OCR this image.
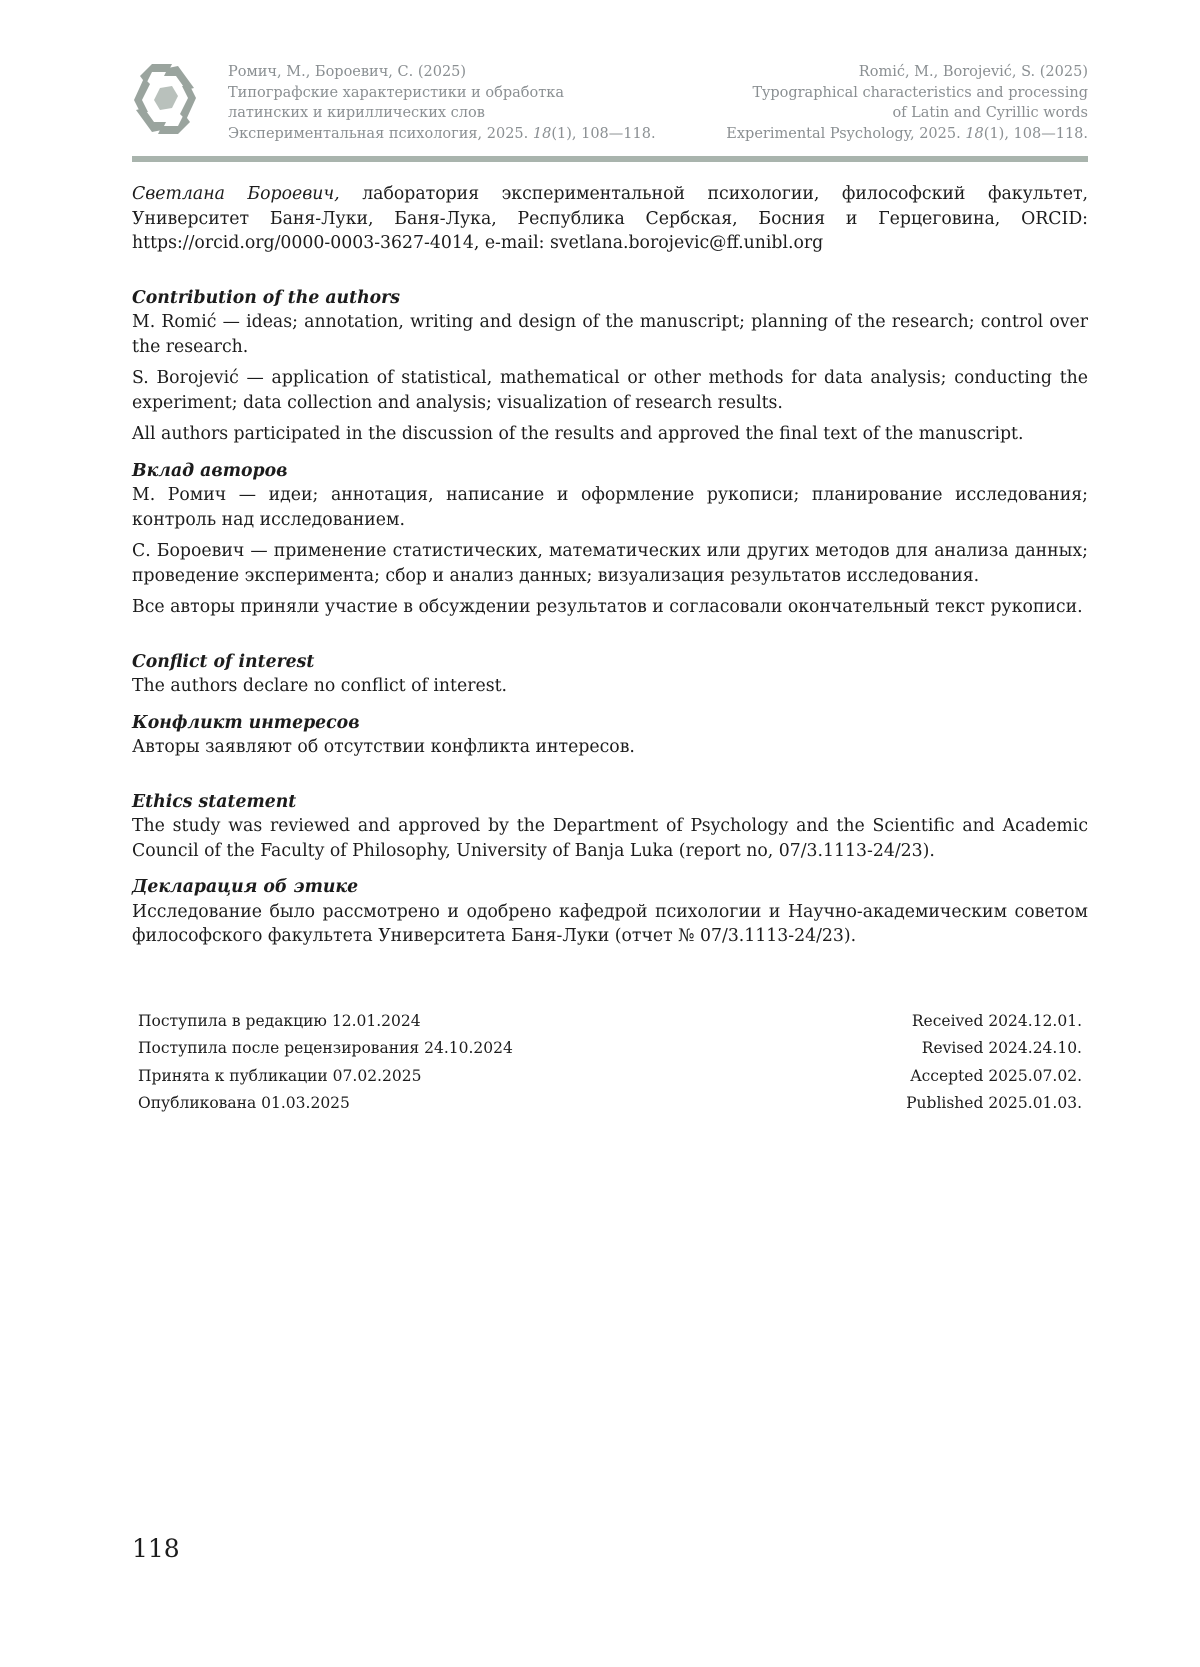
Ромич, М., Бороевич, С. (2025)
Типографские характеристики и обработка
латинских и кириллических слов
Экспериментальная психология, 2025. 18(1), 108—118.
Romić, M., Borojević, S. (2025)
Typographical characteristics and processing
of Latin and Cyrillic words
Experimental Psychology, 2025. 18(1), 108—118.

Светлана Бороевич, лаборатория экспериментальной психологии, философский факультет, Университет Баня-Луки, Баня-Лука, Республика Сербская, Босния и Герцеговина, ORCID: https://orcid.org/0000-0003-3627-4014, e-mail: svetlana.borojevic@ff.unibl.org

Contribution of the authors

M. Romić — ideas; annotation, writing and design of the manuscript; planning of the research; control over the research.

S. Borojević — application of statistical, mathematical or other methods for data analysis; conducting the experiment; data collection and analysis; visualization of research results.

All authors participated in the discussion of the results and approved the final text of the manuscript.

Вклад авторов

М. Ромич — идеи; аннотация, написание и оформление рукописи; планирование исследования; контроль над исследованием.

С. Бороевич — применение статистических, математических или других методов для анализа данных; проведение эксперимента; сбор и анализ данных; визуализация результатов исследования.

Все авторы приняли участие в обсуждении результатов и согласовали окончательный текст рукописи.

Conflict of interest

The authors declare no conflict of interest.

Конфликт интересов

Авторы заявляют об отсутствии конфликта интересов.

Ethics statement

The study was reviewed and approved by the Department of Psychology and the Scientific and Academic Council of the Faculty of Philosophy, University of Banja Luka (report no, 07/3.1113-24/23).

Декларация об этике

Исследование было рассмотрено и одобрено кафедрой психологии и Научно-академическим советом философского факультета Университета Баня-Луки (отчет № 07/3.1113-24/23).

Поступила в редакцию 12.01.2024	Received 2024.12.01.
Поступила после рецензирования 24.10.2024	Revised 2024.24.10.
Принята к публикации 07.02.2025	Accepted 2025.07.02.
Опубликована 01.03.2025	Published 2025.01.03.
118
